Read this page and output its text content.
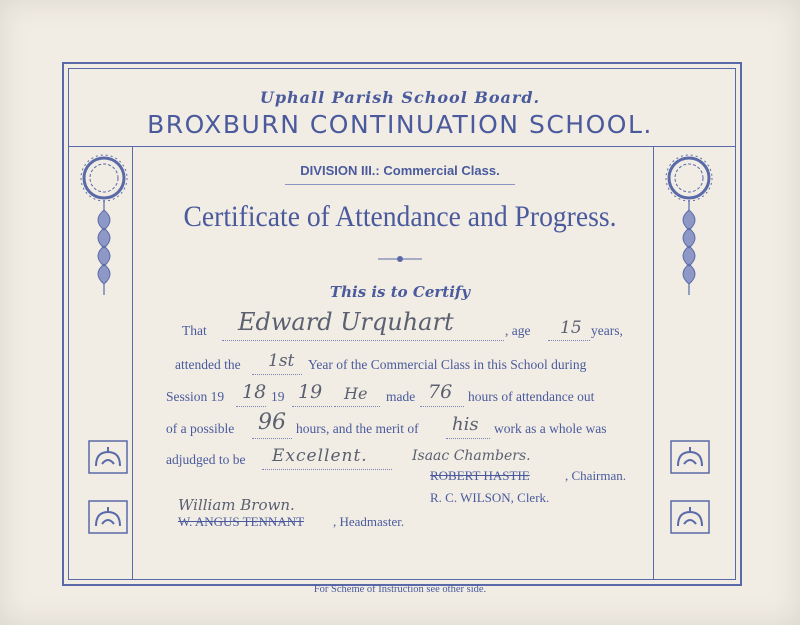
Uphall Parish School Board.
BROXBURN CONTINUATION SCHOOL.
DIVISION III.: Commercial Class.
Certificate of Attendance and Progress.
This is to Certify
That Edward Urquhart	, age 15 years,
attended the 1st Year of the Commercial Class in this School during
Session 19 18 19 19 He made 76 hours of attendance out
of a possible 96 hours, and the merit of his work as a whole was
adjudged to be Excellent.	Isaac Chambers.
ROBERT HASTIE	, Chairman.
R. C. WILSON, Clerk.
William Brown.
W. ANGUS TENNANT , Headmaster.
For Scheme of Instruction see other side.
